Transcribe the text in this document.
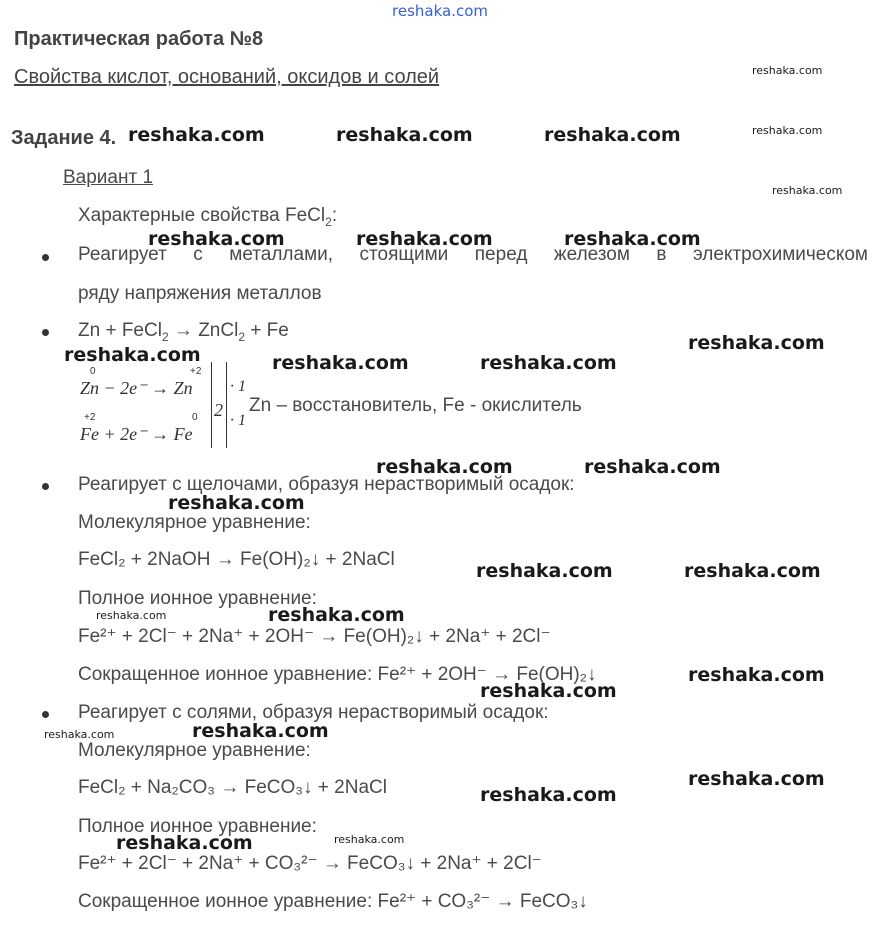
reshaka.com
Практическая работа №8
Свойства кислот, оснований, оксидов и солей
Задание 4.
Вариант 1
Характерные свойства FeCl$_2$:
Реагирует с металлами, стоящими перед железом в электрохимическом
ряду напряжения металлов
Zn + FeCl$_2$ → ZnCl$_2$ + Fe
0	+2
Zn − 2e⁻ → Zn
+2	0
Fe + 2e⁻ → Fe
2
· 1
· 1
Zn – восстановитель, Fe - окислитель
Реагирует с щелочами, образуя нерастворимый осадок:
Молекулярное уравнение:
FeCl₂ + 2NaOH → Fe(OH)₂↓ + 2NaCl
Полное ионное уравнение:
Fe²⁺ + 2Cl⁻ + 2Na⁺ + 2OH⁻ → Fe(OH)₂↓ + 2Na⁺ + 2Cl⁻
Сокращенное ионное уравнение: Fe²⁺ + 2OH⁻ → Fe(OH)₂↓
Реагирует с солями, образуя нерастворимый осадок:
Молекулярное уравнение:
FeCl₂ + Na₂CO₃ → FeCO₃↓ + 2NaCl
Полное ионное уравнение:
Fe²⁺ + 2Cl⁻ + 2Na⁺ + CO₃²⁻ → FeCO₃↓ + 2Na⁺ + 2Cl⁻
Сокращенное ионное уравнение: Fe²⁺ + CO₃²⁻ → FeCO₃↓
reshaka.com	reshaka.com	reshaka.com
reshaka.com	reshaka.com	reshaka.com
reshaka.com
reshaka.com	reshaka.com	reshaka.com
reshaka.com	reshaka.com
reshaka.com
reshaka.com	reshaka.com
reshaka.com
reshaka.com
reshaka.com
reshaka.com
reshaka.com
reshaka.com
reshaka.com
reshaka.com
reshaka.com
reshaka.com
reshaka.com
reshaka.com
reshaka.com
